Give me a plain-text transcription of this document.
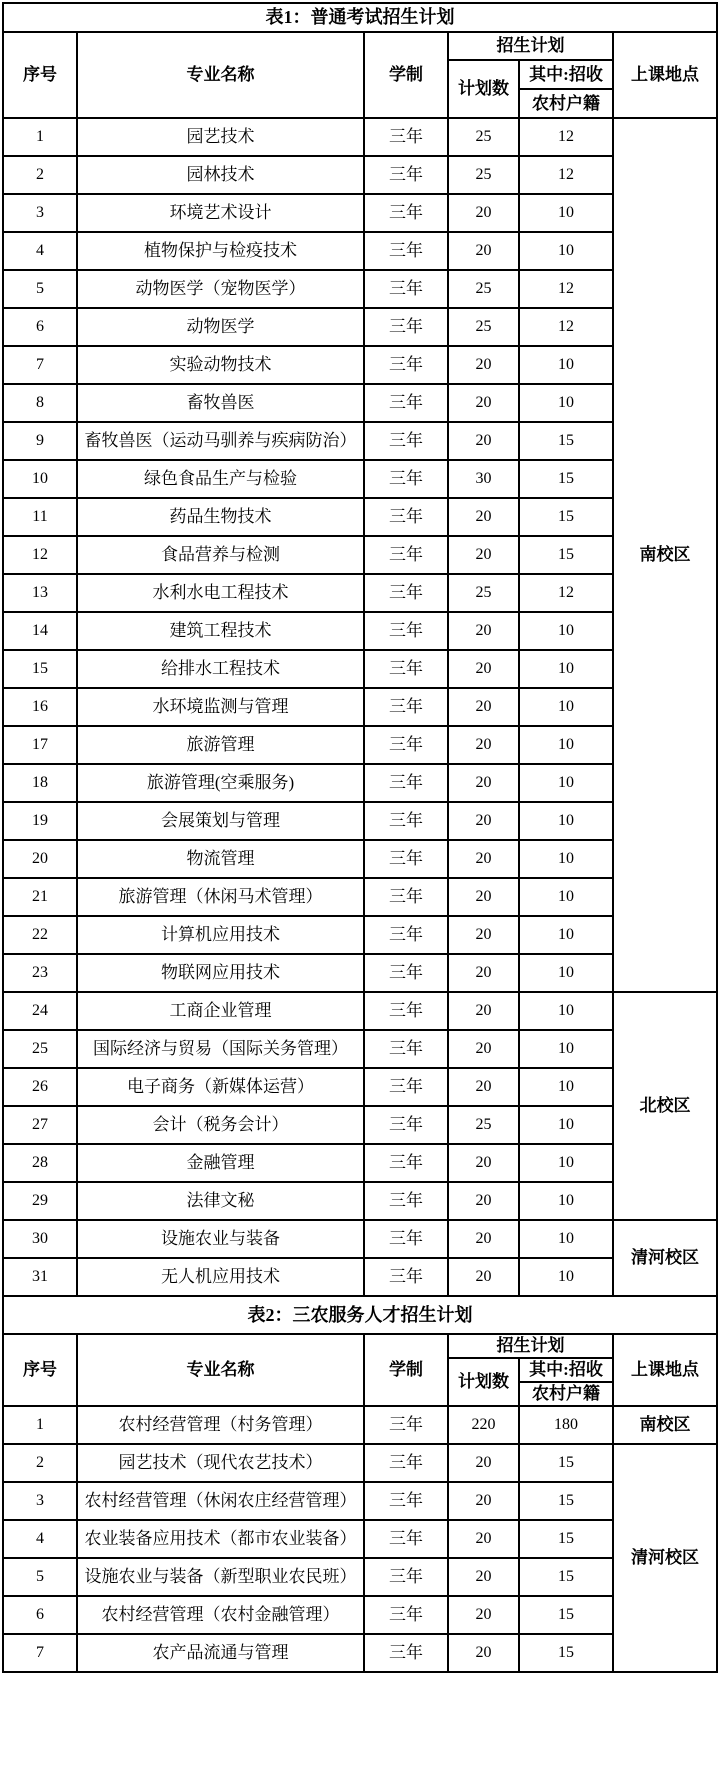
表1：普通考试招生计划					
序号	专业名称	学制	招生计划		上课地点
			计划数	其中:招收	
				农村户籍	
1	园艺技术	三年	25	12	南校区
2	园林技术	三年	25	12	
3	环境艺术设计	三年	20	10	
4	植物保护与检疫技术	三年	20	10	
5	动物医学（宠物医学）	三年	25	12	
6	动物医学	三年	25	12	
7	实验动物技术	三年	20	10	
8	畜牧兽医	三年	20	10	
9	畜牧兽医（运动马驯养与疾病防治）	三年	20	15	
10	绿色食品生产与检验	三年	30	15	
11	药品生物技术	三年	20	15	
12	食品营养与检测	三年	20	15	
13	水利水电工程技术	三年	25	12	
14	建筑工程技术	三年	20	10	
15	给排水工程技术	三年	20	10	
16	水环境监测与管理	三年	20	10	
17	旅游管理	三年	20	10	
18	旅游管理(空乘服务)	三年	20	10	
19	会展策划与管理	三年	20	10	
20	物流管理	三年	20	10	
21	旅游管理（休闲马术管理）	三年	20	10	
22	计算机应用技术	三年	20	10	
23	物联网应用技术	三年	20	10	
24	工商企业管理	三年	20	10	北校区
25	国际经济与贸易（国际关务管理）	三年	20	10	
26	电子商务（新媒体运营）	三年	20	10	
27	会计（税务会计）	三年	25	10	
28	金融管理	三年	20	10	
29	法律文秘	三年	20	10	
30	设施农业与装备	三年	20	10	清河校区
31	无人机应用技术	三年	20	10	
表2：三农服务人才招生计划					
序号	专业名称	学制	招生计划		上课地点
			计划数	其中:招收	
				农村户籍	
1	农村经营管理（村务管理）	三年	220	180	南校区
2	园艺技术（现代农艺技术）	三年	20	15	清河校区
3	农村经营管理（休闲农庄经营管理）	三年	20	15	
4	农业装备应用技术（都市农业装备）	三年	20	15	
5	设施农业与装备（新型职业农民班）	三年	20	15	
6	农村经营管理（农村金融管理）	三年	20	15	
7	农产品流通与管理	三年	20	15	
